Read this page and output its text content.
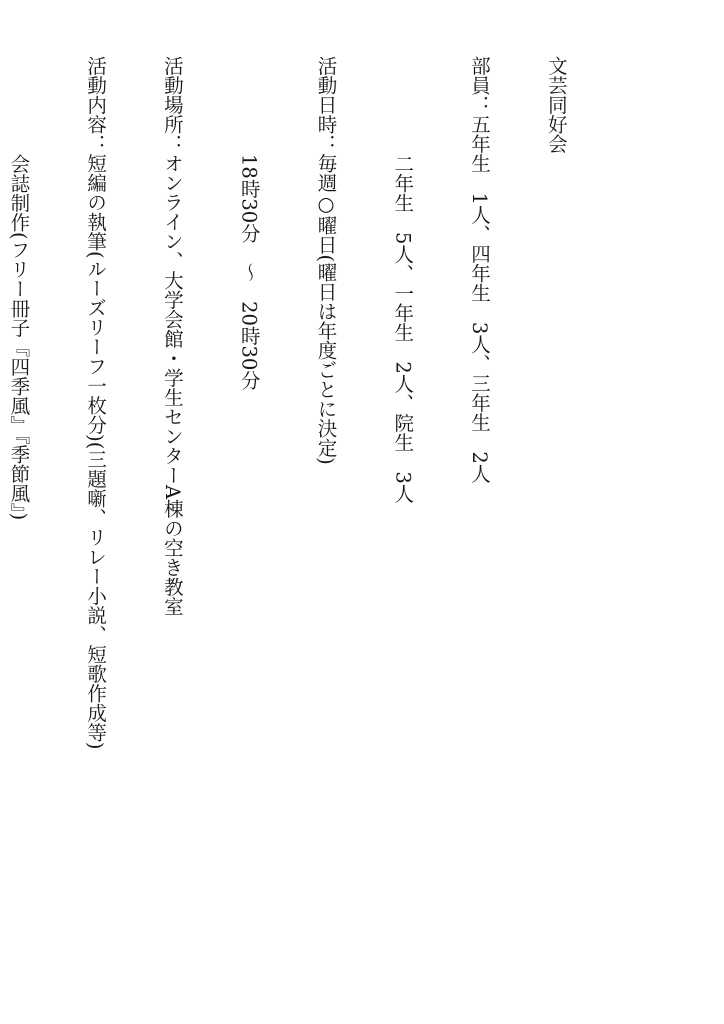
文芸同好会

部員：五年生　1人、四年生　3人、三年生　2人

二年生　5人、一年生　2人、院生　3人

活動日時：毎週○曜日(曜日は年度ごとに決定)

18時30分　～　20時30分

活動場所：オンライン、大学会館・学生センターA棟の空き教室

活動内容：短編の執筆(ルーズリーフ一枚分)(三題噺、リレー小説、短歌作成等)

会誌制作(フリー冊子『四季風』『季節風』)
